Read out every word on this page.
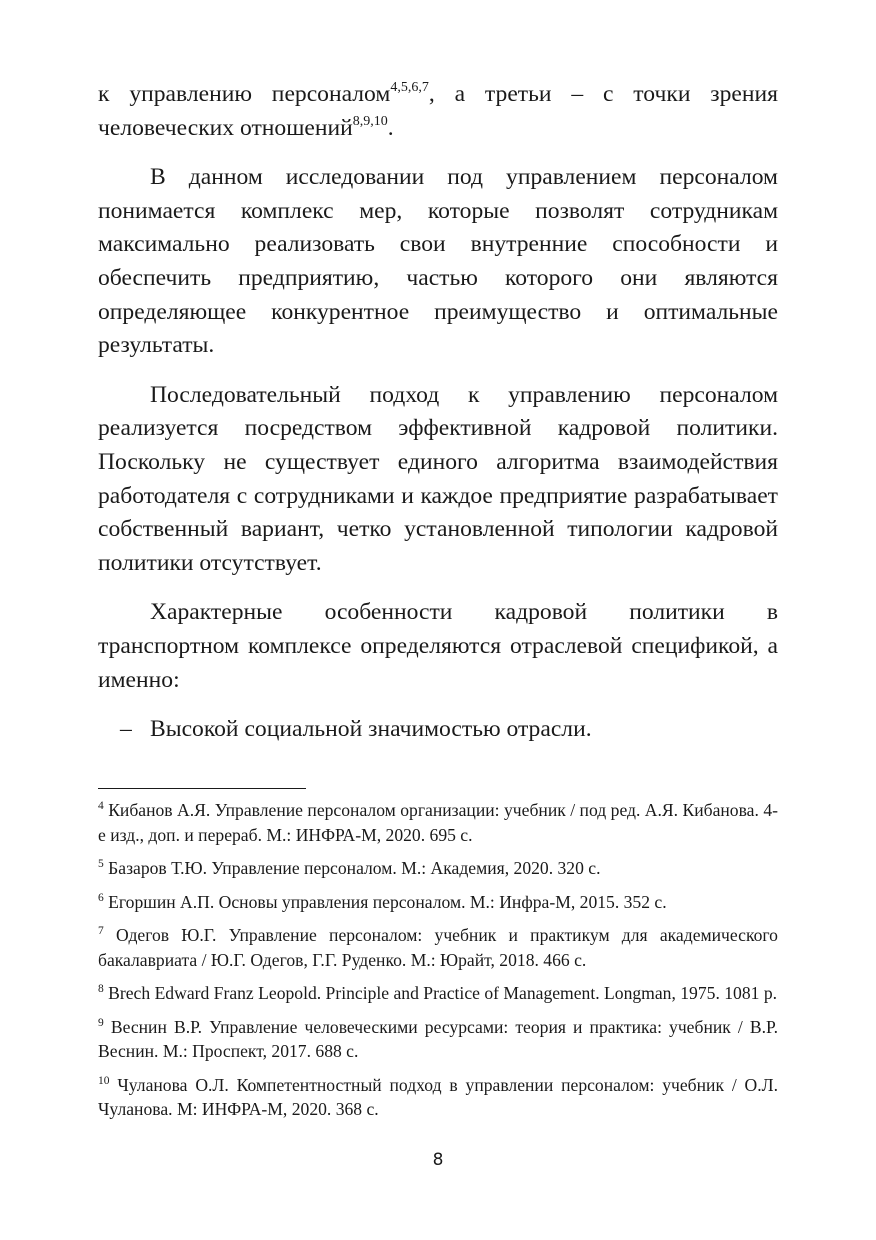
к управлению персоналом$^{4,5,6,7}$, а третьи – с точки зрения человеческих отношений$^{8,9,10}$.

В данном исследовании под управлением персоналом понимается комплекс мер, которые позволят сотрудникам максимально реализовать свои внутренние способности и обеспечить предприятию, частью которого они являются определяющее конкурентное преимущество и оптимальные результаты.

Последовательный подход к управлению персоналом реализуется посредством эффективной кадровой политики. Поскольку не существует единого алгоритма взаимодействия работодателя с сотрудниками и каждое предприятие разрабатывает собственный вариант, четко установленной типологии кадровой политики отсутствует.

Характерные особенности кадровой политики в транспортном комплексе определяются отраслевой спецификой, а именно:

– Высокой социальной значимостью отрасли.

$^4$ Кибанов А.Я. Управление персоналом организации: учебник / под ред. А.Я. Кибанова. 4-е изд., доп. и перераб. М.: ИНФРА-М, 2020. 695 с.

$^5$ Базаров Т.Ю. Управление персоналом. М.: Академия, 2020. 320 с.

$^6$ Егоршин А.П. Основы управления персоналом. М.: Инфра-М, 2015. 352 с.

$^7$ Одегов Ю.Г. Управление персоналом: учебник и практикум для академического бакалавриата / Ю.Г. Одегов, Г.Г. Руденко. М.: Юрайт, 2018. 466 с.

$^8$ Brech Edward Franz Leopold. Principle and Practice of Management. Longman, 1975. 1081 p.

$^9$ Веснин В.Р. Управление человеческими ресурсами: теория и практика: учебник / В.Р. Веснин. М.: Проспект, 2017. 688 с.

$^{10}$ Чуланова О.Л. Компетентностный подход в управлении персоналом: учебник / О.Л. Чуланова. М: ИНФРА-М, 2020. 368 с.

8
